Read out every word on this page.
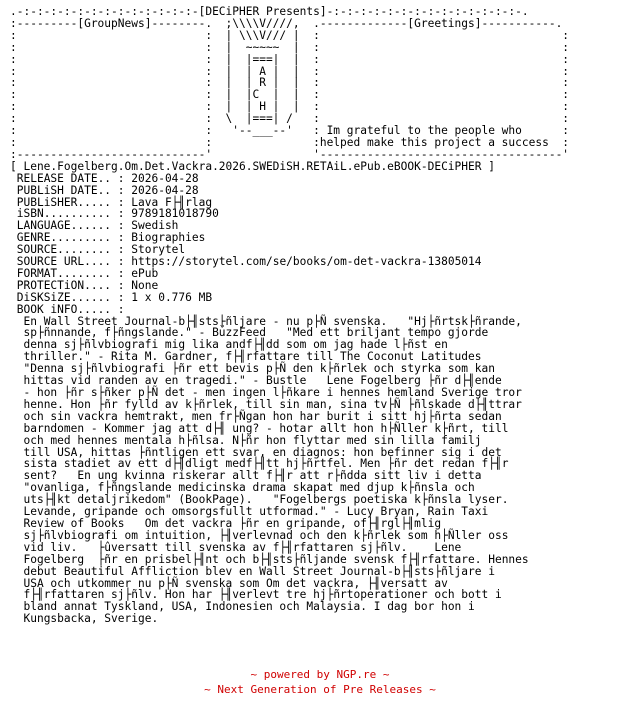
.-:-:-:-:-:-:-:-:-:-:-:-:-:-[DECiPHER Presents]-:-:-:-:-:-:-:-:-:-:-:-:-:-:-.
:---------[GroupNews]--------.  ;\\\\V////,  .-------------[Greetings]-----------.
:                            :  | \\\V/// |  :                                    :
:                            :  |  ~~~~~  |  :                                    :
:                            :  |  |===|  |  :                                    :
:                            :  |  | A |  |  :                                    :
:                            :  |  | R |  |  :                                    :
:                            :  |  |C  |  |  :                                    :
:                            :  |  | H |  |  :                                    :
:                            :  \  |===| /   :                                    :
:                            :   '--___--'   : Im grateful to the people who      :
:                            :               :helped make this project a success  :
:----------------------------'               '------------------------------------'
[ Lene.Fogelberg.Om.Det.Vackra.2026.SWEDiSH.RETAiL.ePub.eBOOK-DECiPHER ]
RELEASE DATE.. : 2026-04-28
PUBLiSH DATE.. : 2026-04-28
PUBLiSHER..... : Lava F├╢rlag
iSBN.......... : 9789181018790
LANGUAGE...... : Swedish
GENRE......... : Biographies
SOURCE........ : Storytel
SOURCE URL.... : https://storytel.com/se/books/om-det-vackra-13805014
FORMAT........ : ePub
PROTECTiON.... : None
DiSKSiZE...... : 1 x 0.776 MB
BOOK iNFO..... :
En Wall Street Journal-b├╢stsֱ├ñljare - nu p├Ñ svenska.   "Hj├ñrtsk├ñrande,
sp├ñnnande, f├ñngslande." - BuzzFeed   "Med ett briljant tempo gjorde
denna sj├ñlvbiografi mig lika andf├╢dd som om jag hade l├ñst en
thriller." - Rita M. Gardner, f├╢rfattare till The Coconut Latitudes
"Denna sj├ñlvbiografi ├ñr ett bevis p├Ñ den k├ñrlek och styrka som kan
hittas vid randen av en tragedi." - Bustle   Lene Fogelberg ├ñr d├╢ende
- hon ├ñr s├ñker p├Ñ det - men ingen l├ñkare i hennes hemland Sverige tror
henne. Hon ├ñr fylld av k├ñrlek, till sin man, sina tv├Ñ ├ñlskade d├╢ttrar
och sin vackra hemtrakt, men fr├Ñgan hon har burit i sitt hj├ñrta sedan
barndomen - Kommer jag att d├╢ ung? - hotar allt hon h├Ñller k├ñrt, till
och med hennes mentala h├ñlsa. N├ñr hon flyttar med sin lilla familj
till USA, hittas ├ñntligen ett svar, en diagnos: hon befinner sig i det
sista stadiet av ett d├╢dligt medf├╢tt hj├ñrtfel. Men ├ñr det redan f├╢r
sent?   En ung kvinna riskerar allt f├╢r att r├ñdda sitt liv i detta
"ovanliga, f├ñngslande medicinska drama skapat med djup k├ñnsla och
uts├╢kt detaljrikedom" (BookPage).   "Fogelbergs poetiska k├ñnsla lyser.
Levande, gripande och omsorgsfullt utformad." - Lucy Bryan, Rain Taxi
Review of Books   Om det vackra ├ñr en gripande, of├╢rgl├╢mlig
sj├ñlvbiografi om intuition, ├╢verlevnad och den k├ñrlek som h├Ñller oss
vid liv.   ├ûversatt till svenska av f├╢rfattaren sj├ñlv.    Lene
Fogelberg  ├ñr en prisbel├╢nt och b├╢sts├ñljande svensk f├╢rfattare. Hennes
debut Beautiful Affliction blev en Wall Street Journal-b├╢sts├ñljare i
USA och utkommer nu p├Ñ svenska som Om det vackra, ├╢versatt av
f├╢rfattaren sj├ñlv. Hon har ├╢verlevt tre hj├ñrtoperationer och bott i
bland annat Tyskland, USA, Indonesien och Malaysia. I dag bor hon i
Kungsbacka, Sverige.
~ powered by NGP.re ~
~ Next Generation of Pre Releases ~
